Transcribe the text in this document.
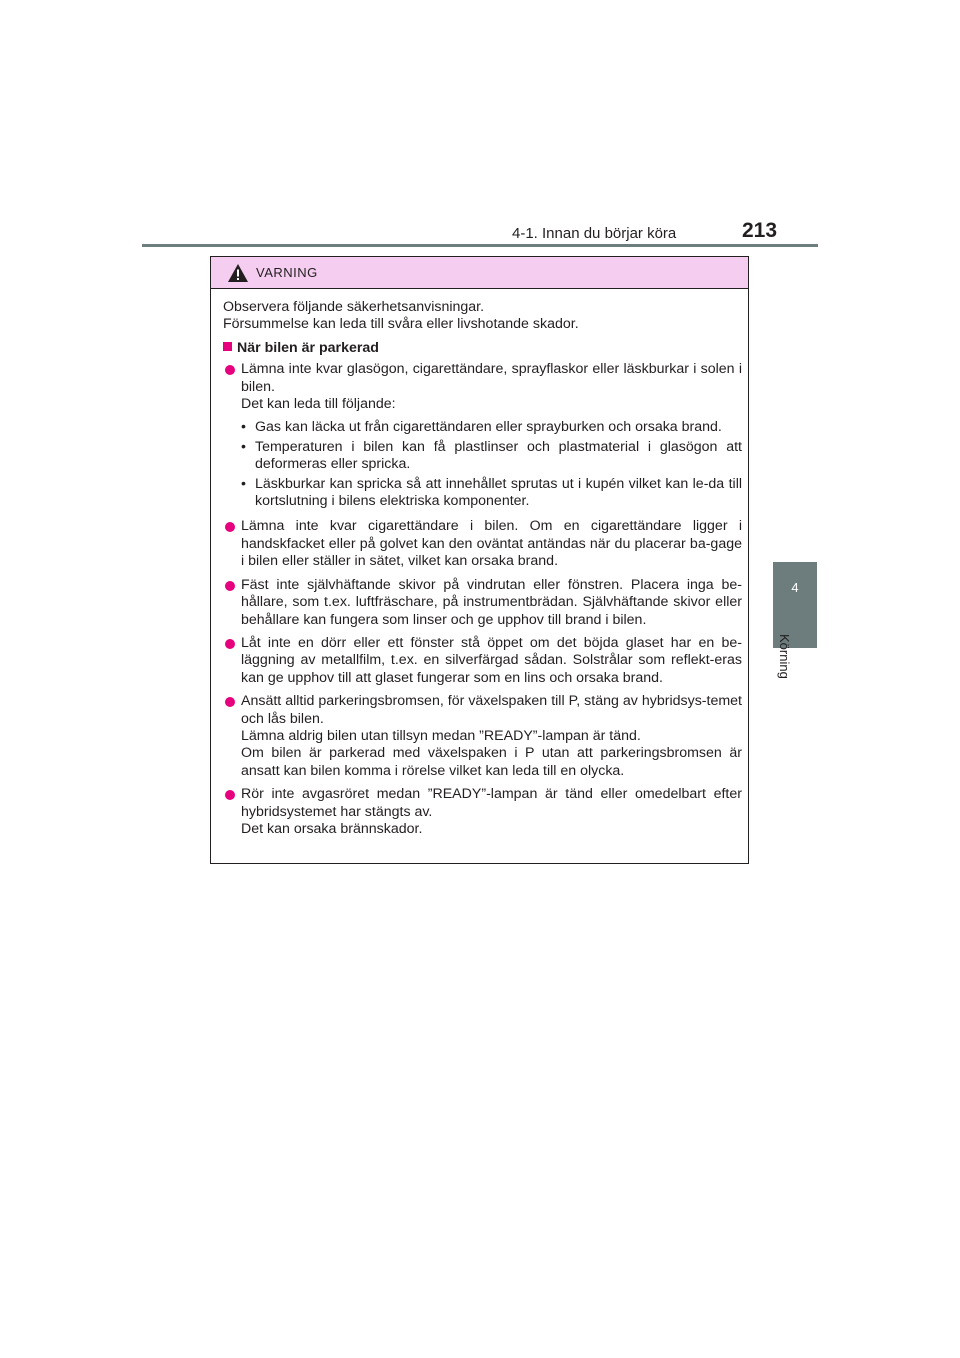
4-1. Innan du börjar köra	213
4
Körning
VARNING

Observera följande säkerhetsanvisningar.
Försummelse kan leda till svåra eller livshotande skador.

När bilen är parkerad
Lämna inte kvar glasögon, cigarettändare, sprayflaskor eller läskburkar i solen i bilen.
Det kan leda till följande:
• Gas kan läcka ut från cigarettändaren eller sprayburken och orsaka brand.
• Temperaturen i bilen kan få plastlinser och plastmaterial i glasögon att deformeras eller spricka.
• Läskburkar kan spricka så att innehållet sprutas ut i kupén vilket kan le-da till kortslutning i bilens elektriska komponenter.
Lämna inte kvar cigarettändare i bilen. Om en cigarettändare ligger i handskfacket eller på golvet kan den oväntat antändas när du placerar ba-gage i bilen eller ställer in sätet, vilket kan orsaka brand.
Fäst inte självhäftande skivor på vindrutan eller fönstren. Placera inga be-hållare, som t.ex. luftfräschare, på instrumentbrädan. Självhäftande skivor eller behållare kan fungera som linser och ge upphov till brand i bilen.
Låt inte en dörr eller ett fönster stå öppet om det böjda glaset har en be-läggning av metallfilm, t.ex. en silverfärgad sådan. Solstrålar som reflekt-eras kan ge upphov till att glaset fungerar som en lins och orsaka brand.
Ansätt alltid parkeringsbromsen, för växelspaken till P, stäng av hybridsys-temet och lås bilen.
Lämna aldrig bilen utan tillsyn medan ”READY”-lampan är tänd.
Om bilen är parkerad med växelspaken i P utan att parkeringsbromsen är ansatt kan bilen komma i rörelse vilket kan leda till en olycka.
Rör inte avgasröret medan ”READY”-lampan är tänd eller omedelbart efter hybridsystemet har stängts av.
Det kan orsaka brännskador.
